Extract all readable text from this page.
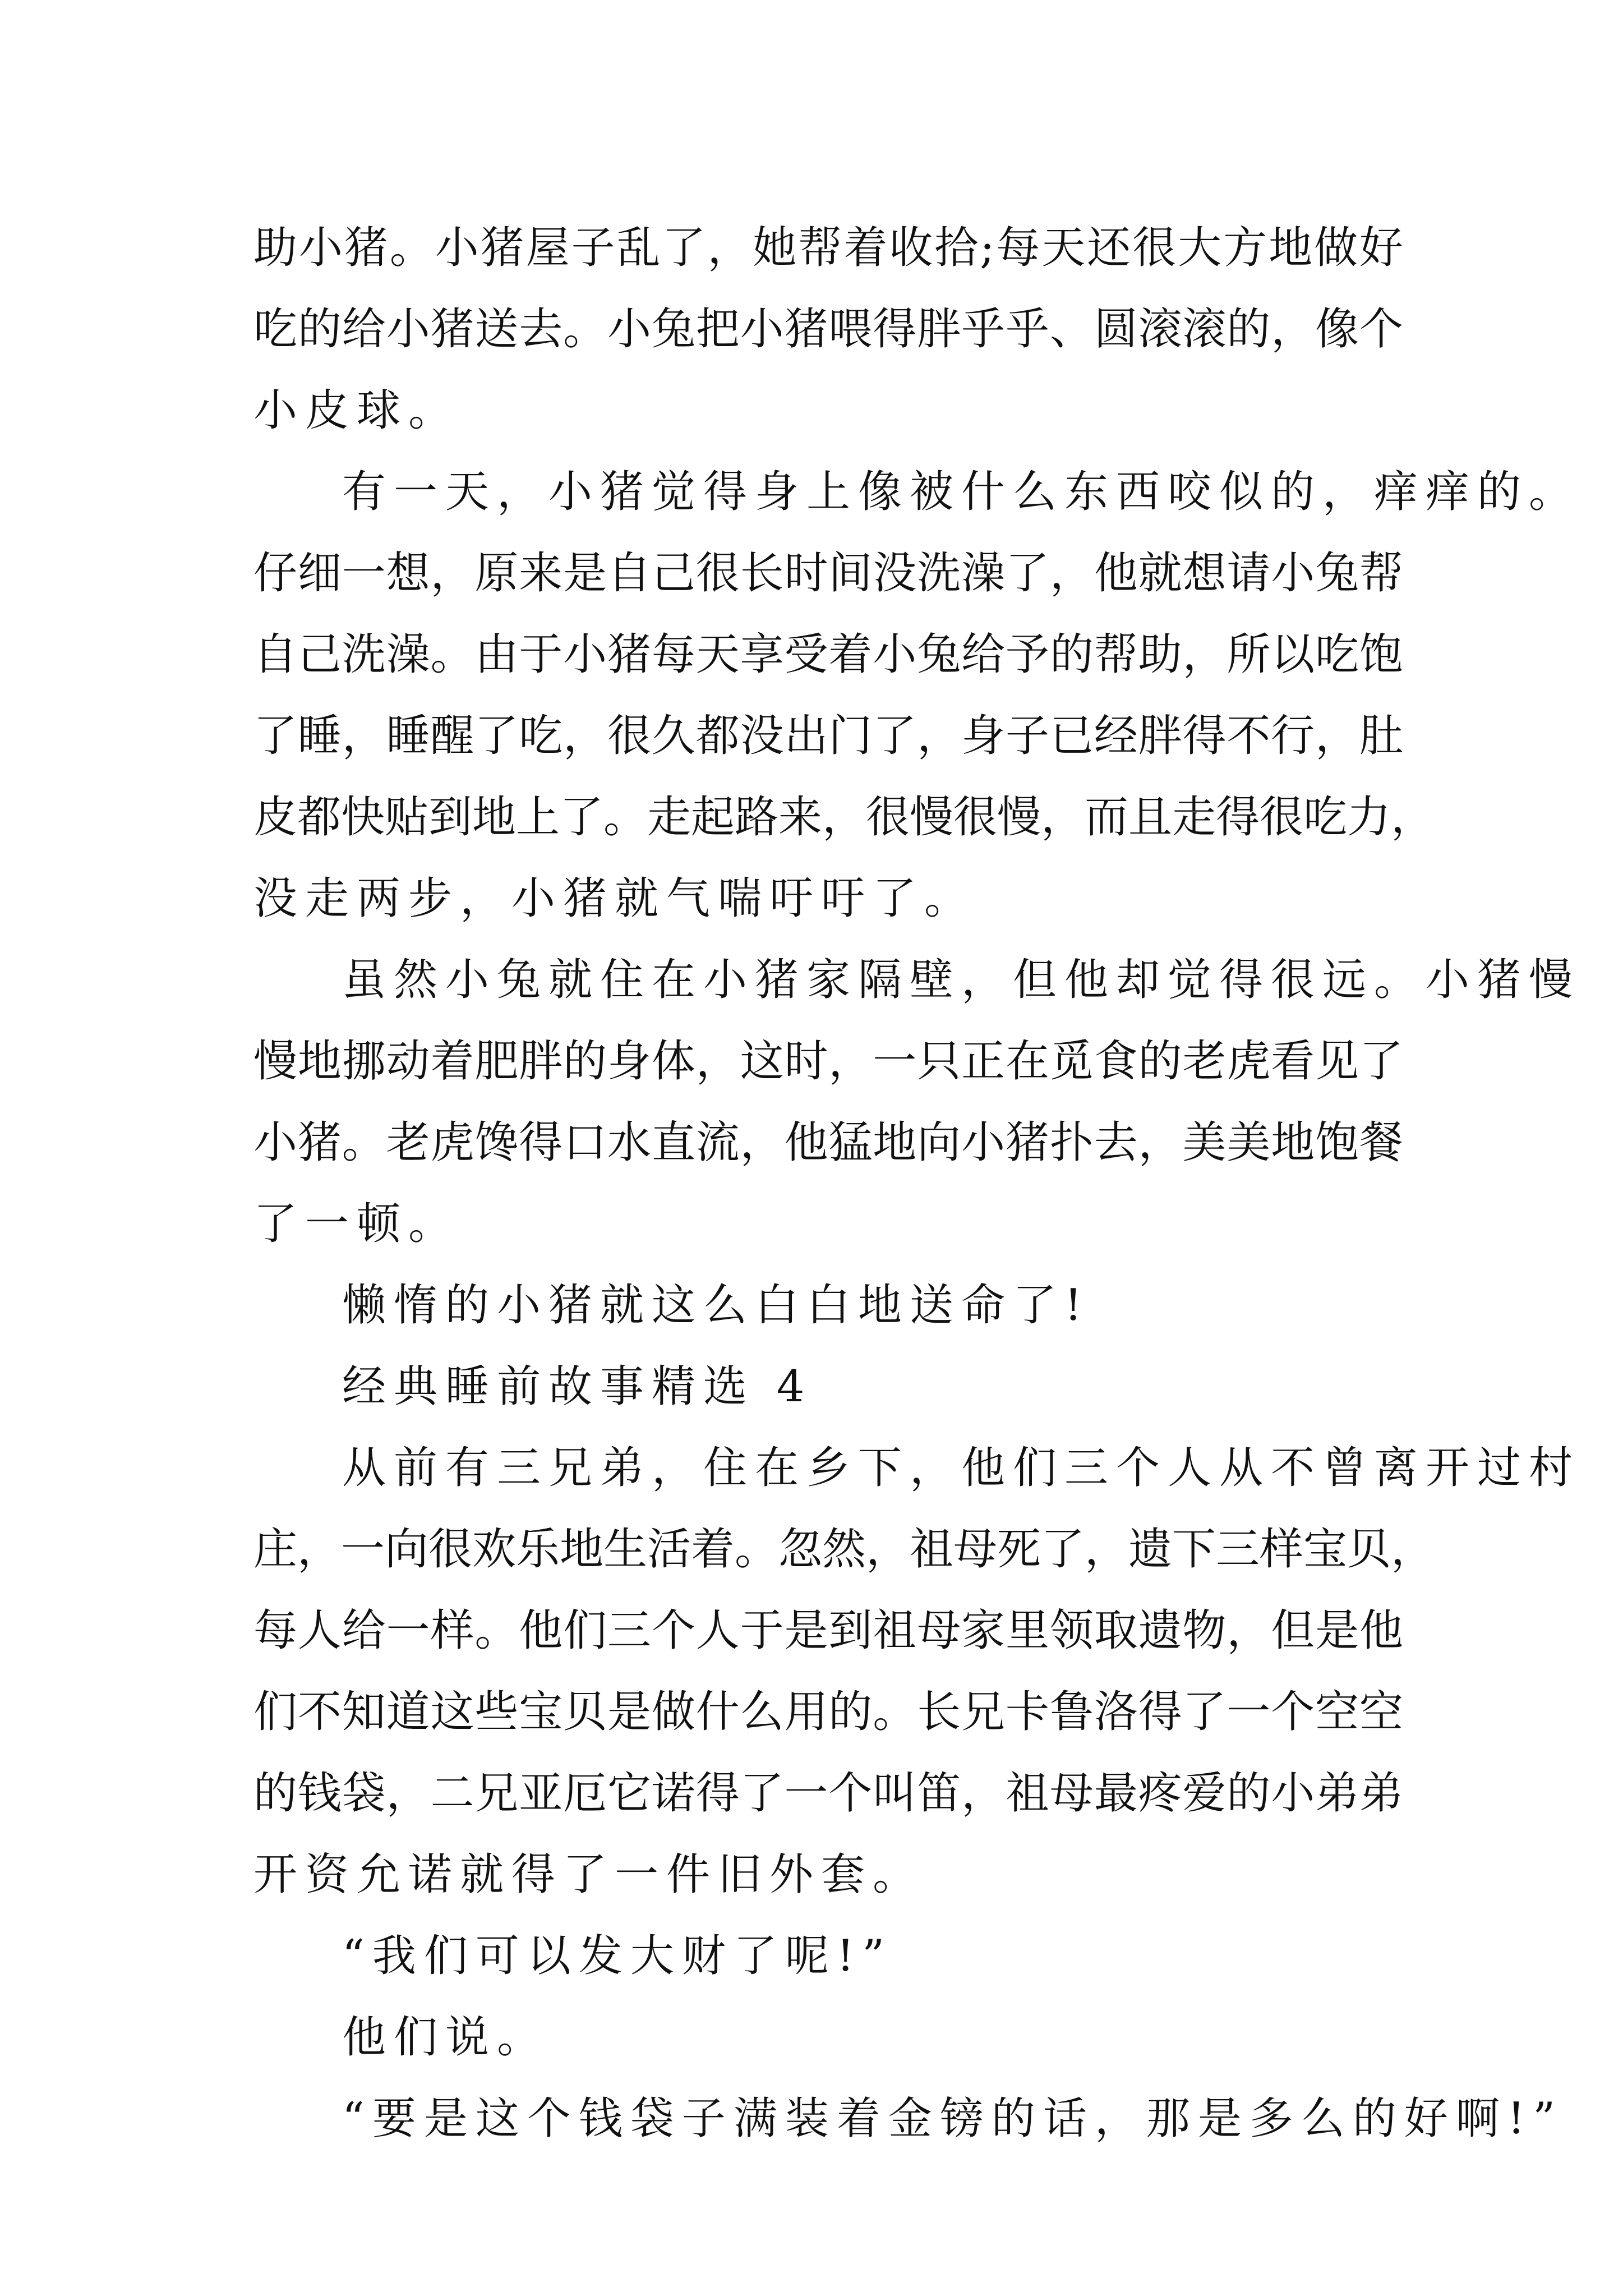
助小猪。小猪屋子乱了，她帮着收拾;每天还很大方地做好
吃的给小猪送去。小兔把小猪喂得胖乎乎、圆滚滚的，像个
小皮球。
有一天，小猪觉得身上像被什么东西咬似的，痒痒的。
仔细一想，原来是自己很长时间没洗澡了，他就想请小兔帮
自己洗澡。由于小猪每天享受着小兔给予的帮助，所以吃饱
了睡，睡醒了吃，很久都没出门了，身子已经胖得不行，肚
皮都快贴到地上了。走起路来，很慢很慢，而且走得很吃力，
没走两步，小猪就气喘吁吁了。
虽然小兔就住在小猪家隔壁，但他却觉得很远。小猪慢
慢地挪动着肥胖的身体，这时，一只正在觅食的老虎看见了
小猪。老虎馋得口水直流，他猛地向小猪扑去，美美地饱餐
了一顿。
懒惰的小猪就这么白白地送命了!
经典睡前故事精选 4
从前有三兄弟，住在乡下，他们三个人从不曾离开过村
庄，一向很欢乐地生活着。忽然，祖母死了，遗下三样宝贝，
每人给一样。他们三个人于是到祖母家里领取遗物，但是他
们不知道这些宝贝是做什么用的。长兄卡鲁洛得了一个空空
的钱袋，二兄亚厄它诺得了一个叫笛，祖母最疼爱的小弟弟
开资允诺就得了一件旧外套。
“我们可以发大财了呢!”
他们说。
“要是这个钱袋子满装着金镑的话，那是多么的好啊!”
